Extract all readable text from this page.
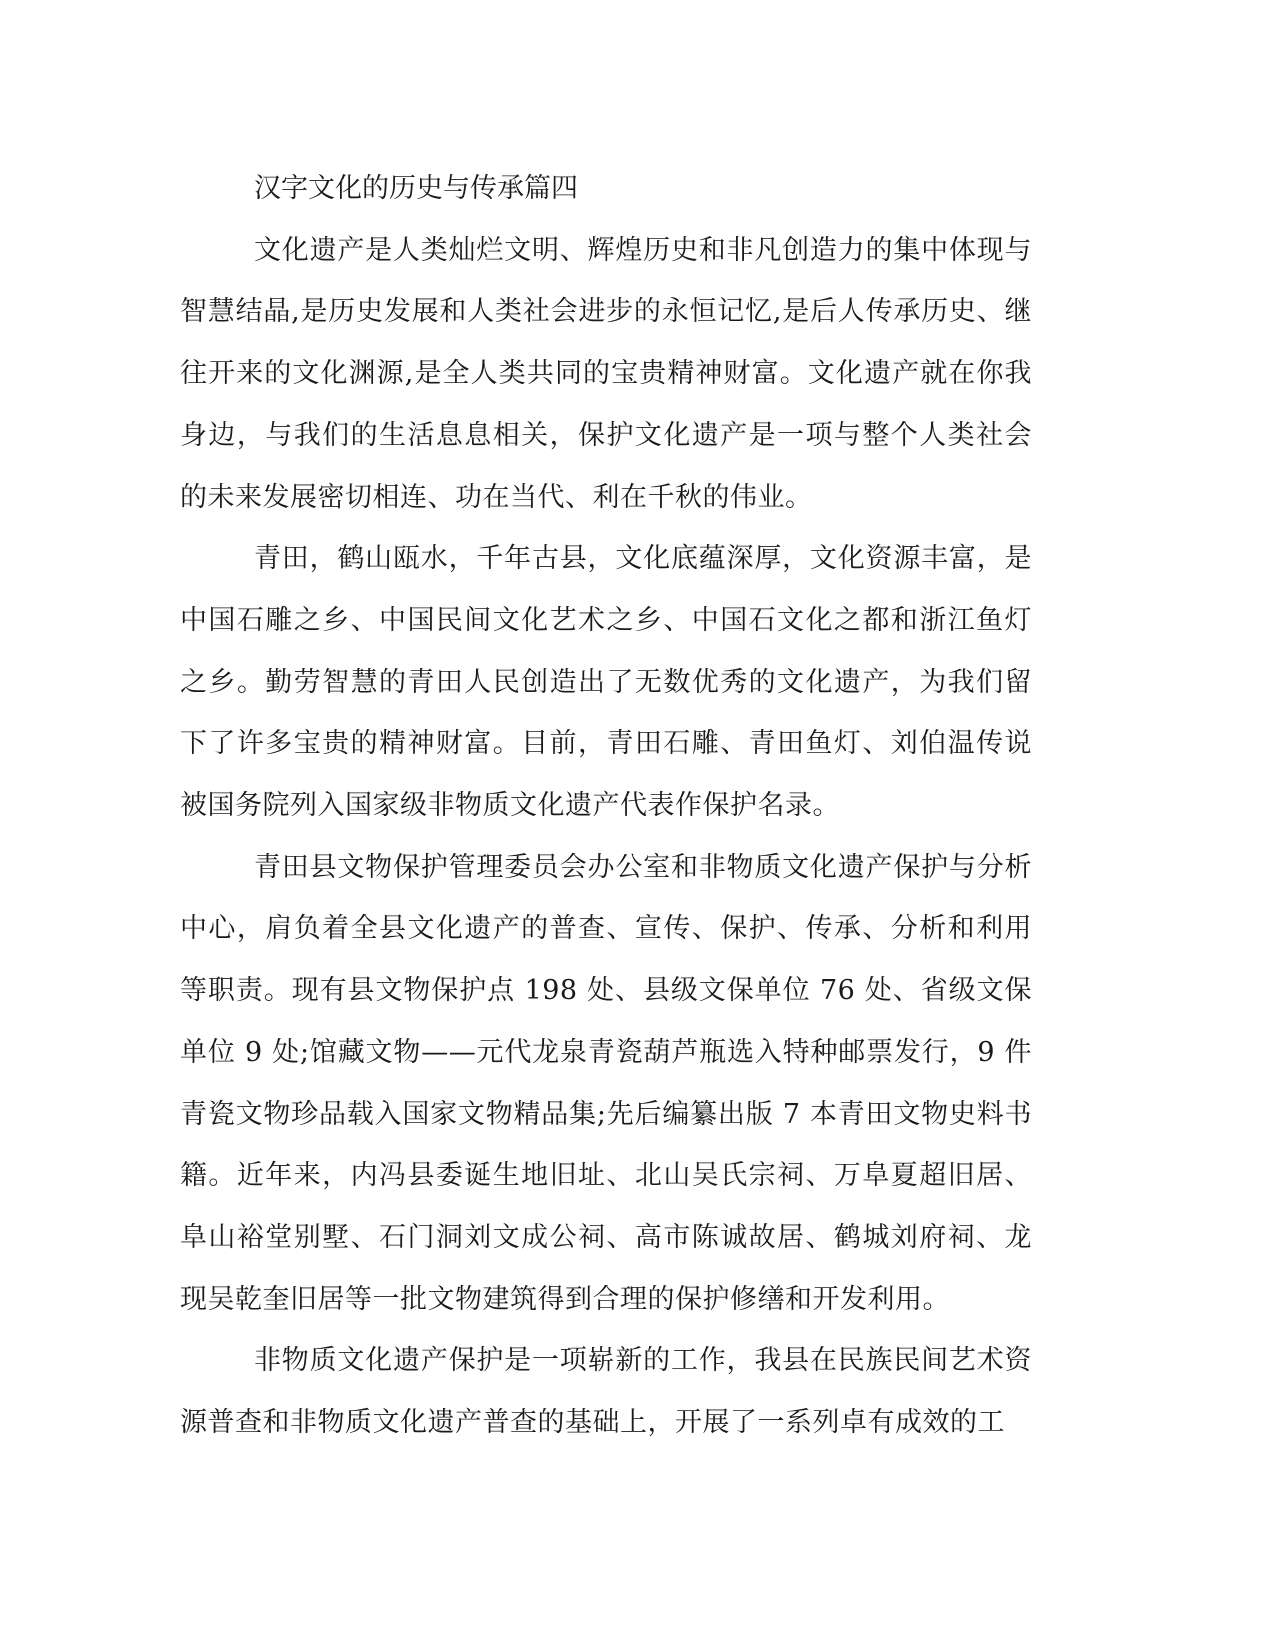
汉字文化的历史与传承篇四

文化遗产是人类灿烂文明、辉煌历史和非凡创造力的集中体现与智慧结晶,是历史发展和人类社会进步的永恒记忆,是后人传承历史、继往开来的文化渊源,是全人类共同的宝贵精神财富。文化遗产就在你我身边，与我们的生活息息相关，保护文化遗产是一项与整个人类社会的未来发展密切相连、功在当代、利在千秋的伟业。

青田，鹤山瓯水，千年古县，文化底蕴深厚，文化资源丰富，是中国石雕之乡、中国民间文化艺术之乡、中国石文化之都和浙江鱼灯之乡。勤劳智慧的青田人民创造出了无数优秀的文化遗产，为我们留下了许多宝贵的精神财富。目前，青田石雕、青田鱼灯、刘伯温传说被国务院列入国家级非物质文化遗产代表作保护名录。

青田县文物保护管理委员会办公室和非物质文化遗产保护与分析中心，肩负着全县文化遗产的普查、宣传、保护、传承、分析和利用等职责。现有县文物保护点 198 处、县级文保单位 76 处、省级文保单位 9 处;馆藏文物——元代龙泉青瓷葫芦瓶选入特种邮票发行，9 件青瓷文物珍品载入国家文物精品集;先后编纂出版 7 本青田文物史料书籍。近年来，内冯县委诞生地旧址、北山吴氏宗祠、万阜夏超旧居、阜山裕堂别墅、石门洞刘文成公祠、高市陈诚故居、鹤城刘府祠、龙现吴乾奎旧居等一批文物建筑得到合理的保护修缮和开发利用。

非物质文化遗产保护是一项崭新的工作，我县在民族民间艺术资源普查和非物质文化遗产普查的基础上，开展了一系列卓有成效的工
